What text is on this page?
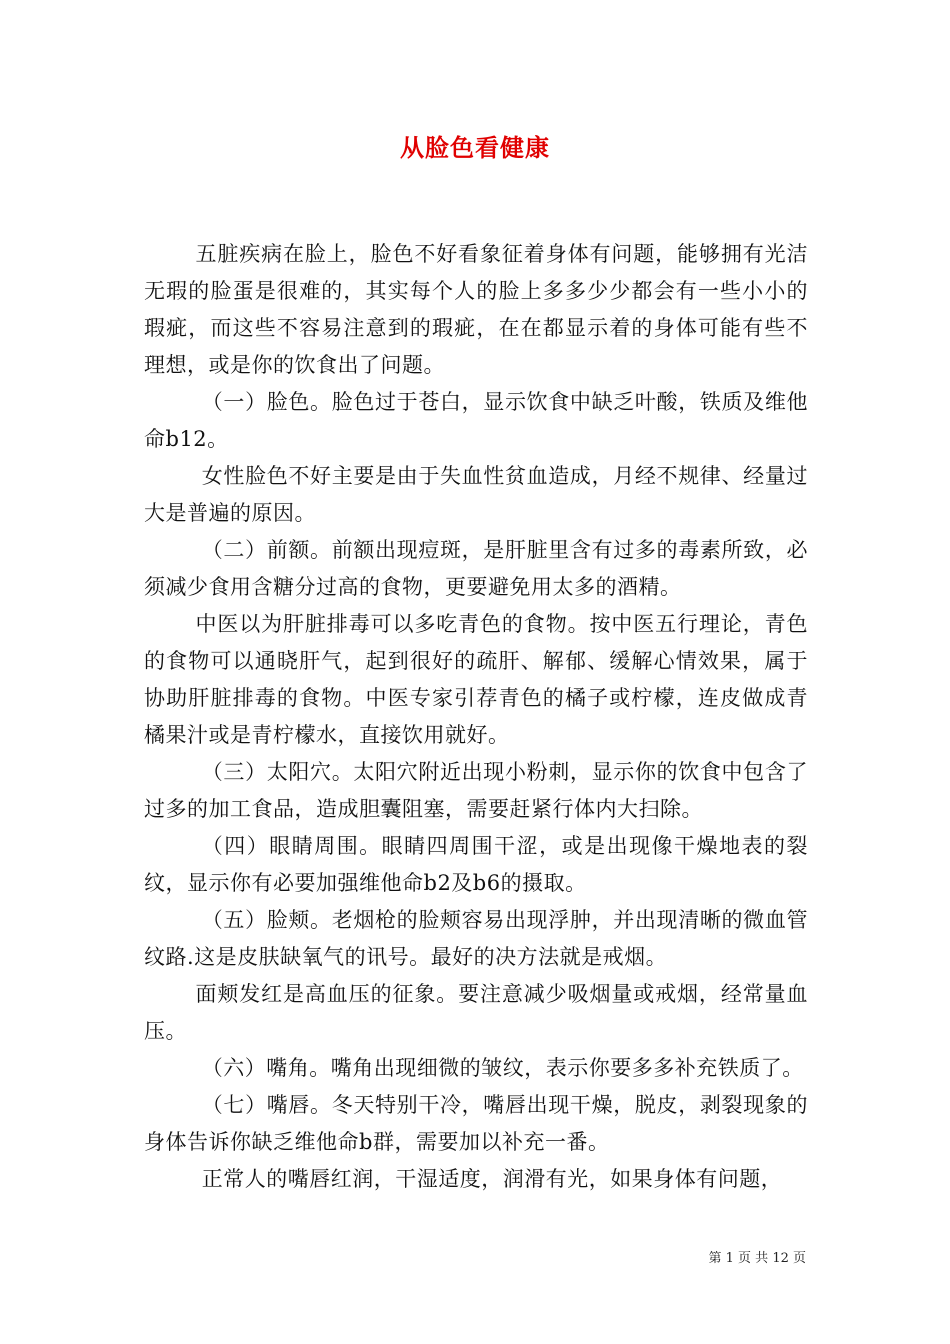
从脸色看健康

五脏疾病在脸上，脸色不好看象征着身体有问题，能够拥有光洁无瑕的脸蛋是很难的，其实每个人的脸上多多少少都会有一些小小的瑕疵，而这些不容易注意到的瑕疵，在在都显示着的身体可能有些不理想，或是你的饮食出了问题。

（一）脸色。脸色过于苍白，显示饮食中缺乏叶酸，铁质及维他命b12。

女性脸色不好主要是由于失血性贫血造成，月经不规律、经量过大是普遍的原因。

（二）前额。前额出现痘斑，是肝脏里含有过多的毒素所致，必须减少食用含糖分过高的食物，更要避免用太多的酒精。

中医以为肝脏排毒可以多吃青色的食物。按中医五行理论，青色的食物可以通晓肝气，起到很好的疏肝、解郁、缓解心情效果，属于协助肝脏排毒的食物。中医专家引荐青色的橘子或柠檬，连皮做成青橘果汁或是青柠檬水，直接饮用就好。

（三）太阳穴。太阳穴附近出现小粉刺，显示你的饮食中包含了过多的加工食品，造成胆囊阻塞，需要赶紧行体内大扫除。

（四）眼睛周围。眼睛四周围干涩，或是出现像干燥地表的裂纹，显示你有必要加强维他命b2及b6的摄取。

（五）脸颊。老烟枪的脸颊容易出现浮肿，并出现清晰的微血管纹路.这是皮肤缺氧气的讯号。最好的决方法就是戒烟。

面颊发红是高血压的征象。要注意减少吸烟量或戒烟，经常量血压。

（六）嘴角。嘴角出现细微的皱纹，表示你要多多补充铁质了。

（七）嘴唇。冬天特别干冷，嘴唇出现干燥，脱皮，剥裂现象的身体告诉你缺乏维他命b群，需要加以补充一番。

正常人的嘴唇红润，干湿适度，润滑有光，如果身体有问题，

第 1 页 共 12 页
